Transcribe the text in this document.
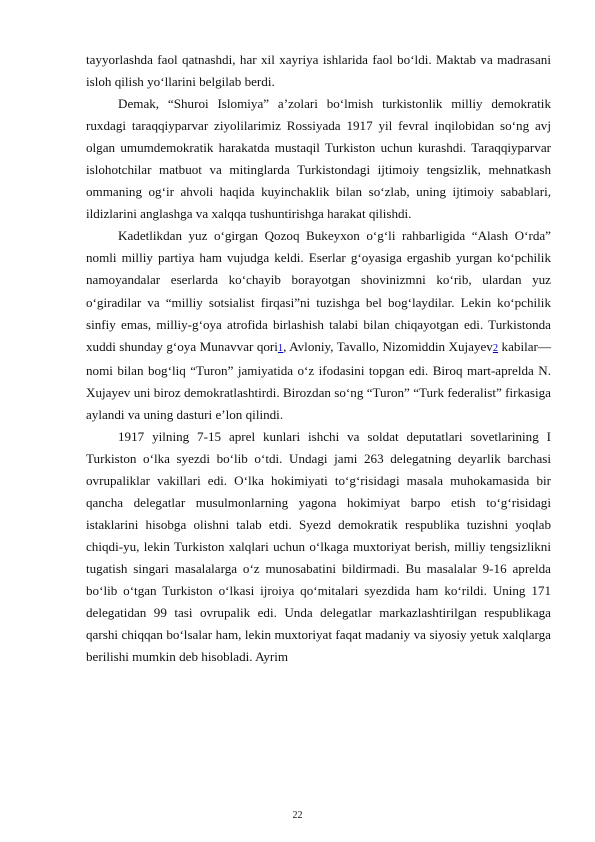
tayyorlashda faol qatnashdi, har xil xayriya ishlarida faol bo‘ldi. Maktab va madrasani isloh qilish yo‘llarini belgilab berdi.

Demak, “Shuroi Islomiya” a’zolari bo‘lmish turkistonlik milliy demokratik ruxdagi taraqqiyparvar ziyolilarimiz Rossiyada 1917 yil fevral inqilobidan so‘ng avj olgan umumdemokratik harakatda mustaqil Turkiston uchun kurashdi. Taraqqiyparvar islohotchilar matbuot va mitinglarda Turkistondagi ijtimoiy tengsizlik, mehnatkash ommaning og‘ir ahvoli haqida kuyinchaklik bilan so‘zlab, uning ijtimoiy sabablari, ildizlarini anglashga va xalqqa tushuntirishga harakat qilishdi.

Kadetlikdan yuz o‘girgan Qozoq Bukeyxon o‘g‘li rahbarligida “Alash O‘rda” nomli milliy partiya ham vujudga keldi. Eserlar g‘oyasiga ergashib yurgan ko‘pchilik namoyandalar eserlarda ko‘chayib borayotgan shovinizmni ko‘rib, ulardan yuz o‘giradilar va “milliy sotsialist firqasi”ni tuzishga bel bog‘laydilar. Lekin ko‘pchilik sinfiy emas, milliy-g‘oya atrofida birlashish talabi bilan chiqayotgan edi. Turkistonda xuddi shunday g‘oya Munavvar qori1, Avloniy, Tavallo, Nizomiddin Xujayev2 kabilar—nomi bilan bog‘liq “Turon” jamiyatida o‘z ifodasini topgan edi. Biroq mart-aprelda N. Xujayev uni biroz demokratlashtirdi. Birozdan so‘ng “Turon” “Turk federalist” firkasiga aylandi va uning dasturi e’lon qilindi.

1917 yilning 7-15 aprel kunlari ishchi va soldat deputatlari sovetlarining I Turkiston o‘lka syezdi bo‘lib o‘tdi. Undagi jami 263 delegatning deyarlik barchasi ovrupaliklar vakillari edi. O‘lka hokimiyati to‘g‘risidagi masala muhokamasida bir qancha delegatlar musulmonlarning yagona hokimiyat barpo etish to‘g‘risidagi istaklarini hisobga olishni talab etdi. Syezd demokratik respublika tuzishni yoqlab chiqdi-yu, lekin Turkiston xalqlari uchun o‘lkaga muxtoriyat berish, milliy tengsizlikni tugatish singari masalalarga o‘z munosabatini bildirmadi. Bu masalalar 9-16 aprelda bo‘lib o‘tgan Turkiston o‘lkasi ijroiya qo‘mitalari syezdida ham ko‘rildi. Uning 171 delegatidan 99 tasi ovrupalik edi. Unda delegatlar markazlashtirilgan respublikaga qarshi chiqqan bo‘lsalar ham, lekin muxtoriyat faqat madaniy va siyosiy yetuk xalqlarga berilishi mumkin deb hisobladi. Ayrim

22
